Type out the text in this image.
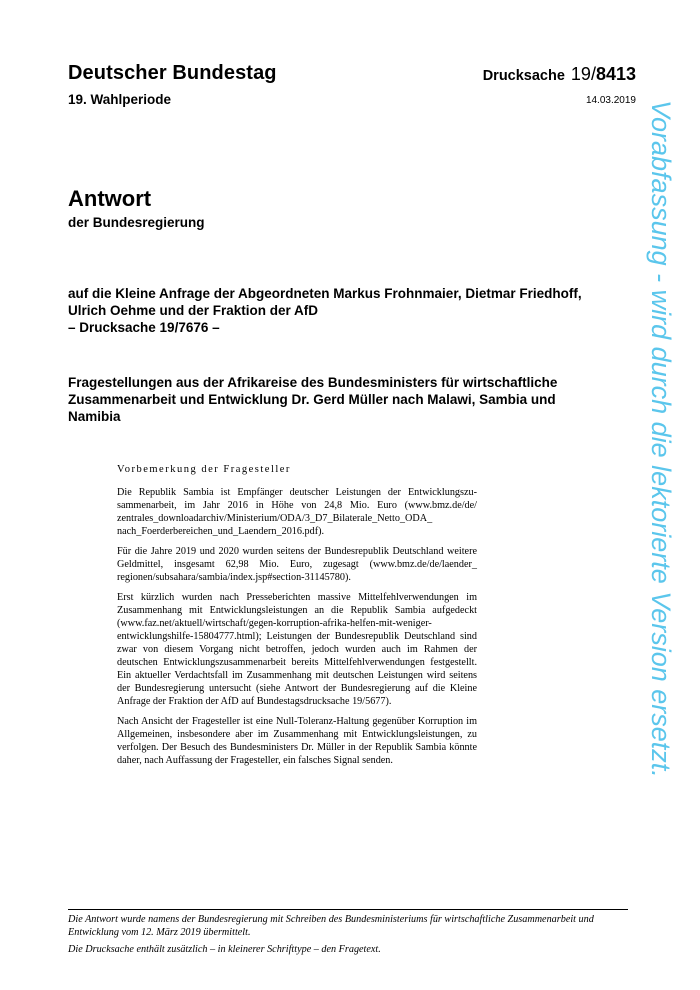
Deutscher Bundestag	Drucksache 19/8413
19. Wahlperiode	14.03.2019
Antwort
der Bundesregierung
auf die Kleine Anfrage der Abgeordneten Markus Frohnmaier, Dietmar Friedhoff,
Ulrich Oehme und der Fraktion der AfD
– Drucksache 19/7676 –
Fragestellungen aus der Afrikareise des Bundesministers für wirtschaftliche
Zusammenarbeit und Entwicklung Dr. Gerd Müller nach Malawi, Sambia und
Namibia
Vorbemerkung der Fragesteller

Die Republik Sambia ist Empfänger deutscher Leistungen der Entwicklungszusammenarbeit, im Jahr 2016 in Höhe von 24,8 Mio. Euro (www.bmz.de/de/ zentrales_downloadarchiv/Ministerium/ODA/3_D7_Bilaterale_Netto_ODA_ nach_Foerderbereichen_und_Laendern_2016.pdf).

Für die Jahre 2019 und 2020 wurden seitens der Bundesrepublik Deutschland weitere Geldmittel, insgesamt 62,98 Mio. Euro, zugesagt (www.bmz.de/de/laender_ regionen/subsahara/sambia/index.jsp#section-31145780).

Erst kürzlich wurden nach Presseberichten massive Mittelfehlverwendungen im Zusammenhang mit Entwicklungsleistungen an die Republik Sambia aufgedeckt (www.faz.net/aktuell/wirtschaft/gegen-korruption-afrika-helfen-mit-weniger- entwicklungshilfe-15804777.html); Leistungen der Bundesrepublik Deutschland sind zwar von diesem Vorgang nicht betroffen, jedoch wurden auch im Rahmen der deutschen Entwicklungszusammenarbeit bereits Mittelfehlverwendungen festgestellt. Ein aktueller Verdachtsfall im Zusammenhang mit deutschen Leistungen wird seitens der Bundesregierung untersucht (siehe Antwort der Bundesregierung auf die Kleine Anfrage der Fraktion der AfD auf Bundestagsdrucksache 19/5677).

Nach Ansicht der Fragesteller ist eine Null-Toleranz-Haltung gegenüber Korruption im Allgemeinen, insbesondere aber im Zusammenhang mit Entwicklungsleistungen, zu verfolgen. Der Besuch des Bundesministers Dr. Müller in der Republik Sambia könnte daher, nach Auffassung der Fragesteller, ein falsches Signal senden.

Die Antwort wurde namens der Bundesregierung mit Schreiben des Bundesministeriums für wirtschaftliche Zusammenarbeit und Entwicklung vom 12. März 2019 übermittelt.

Die Drucksache enthält zusätzlich – in kleinerer Schrifttype – den Fragetext.

Vorabfassung - wird durch die lektorierte Version ersetzt.
